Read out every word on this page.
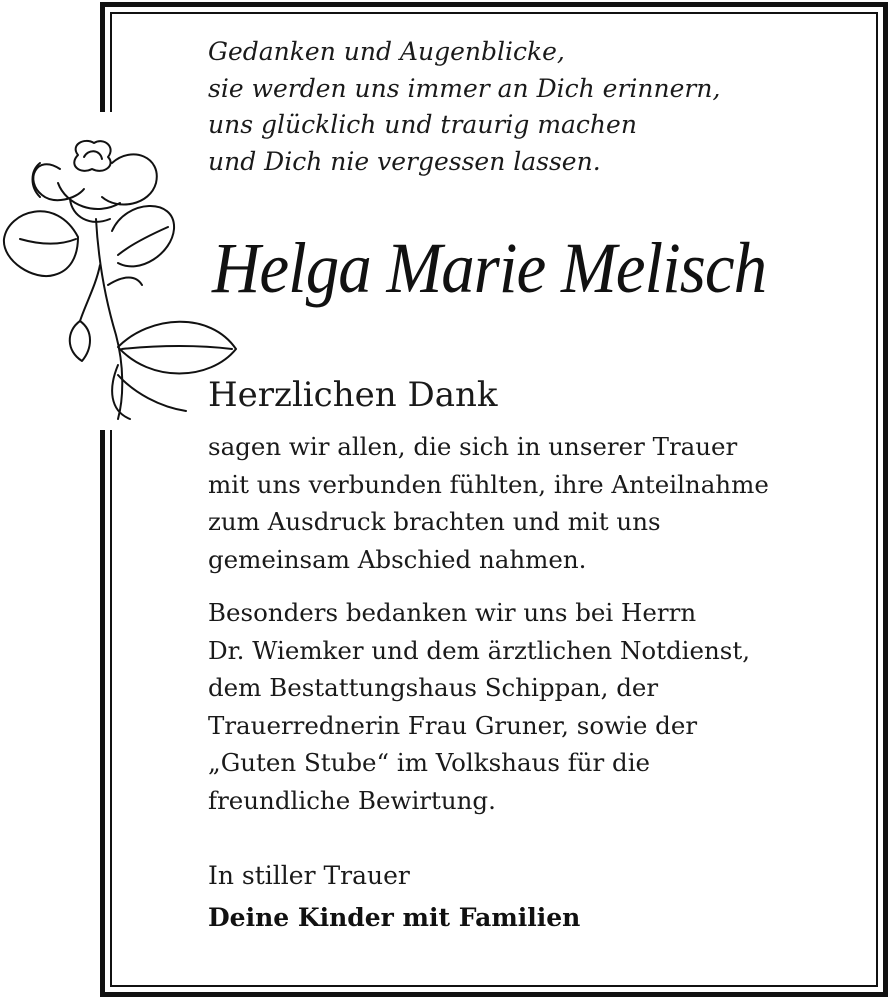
Gedanken und Augenblicke,
sie werden uns immer an Dich erinnern,
uns glücklich und traurig machen
und Dich nie vergessen lassen.
Helga Marie Melisch
Herzlichen Dank
sagen wir allen, die sich in unserer Trauer
mit uns verbunden fühlten, ihre Anteilnahme
zum Ausdruck brachten und mit uns
gemeinsam Abschied nahmen.
Besonders bedanken wir uns bei Herrn
Dr. Wiemker und dem ärztlichen Notdienst,
dem Bestattungshaus Schippan, der
Trauerrednerin Frau Gruner, sowie der
„Guten Stube“ im Volkshaus für die
freundliche Bewirtung.
In stiller Trauer
Deine Kinder mit Familien
